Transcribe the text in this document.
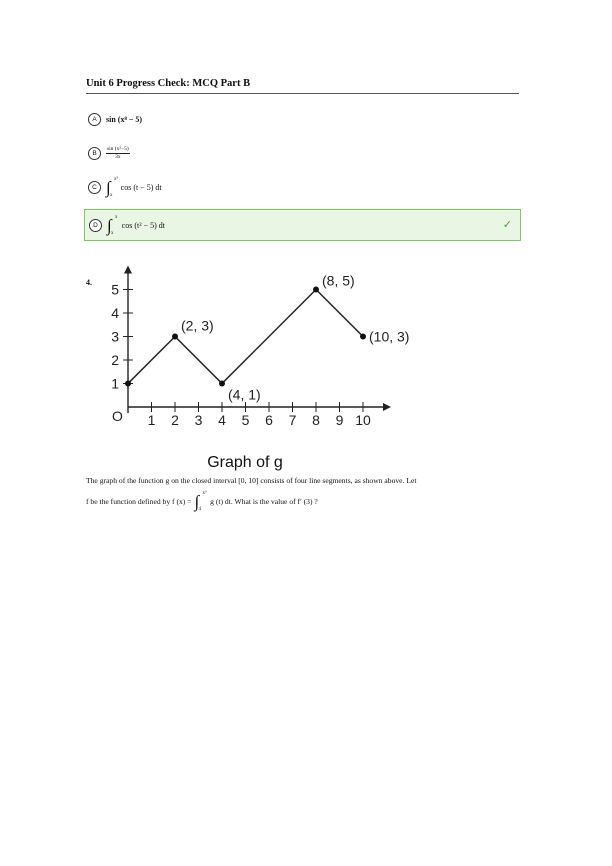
Unit 6 Progress Check: MCQ Part B
A	sin (x⁸ − 5)
B	$\frac{\text{sin (x²−5)}}{3x}$
C ∫ x³
x
cos (t − 5) dt
D ∫ x
x
cos (t² − 5) dt	✓
4.
1 2 3 4 5 6 7 8 9 10
1
2
3
4
5
O
(2, 3)
(4, 1)
(8, 5)
(10, 3)
Graph of g
The graph of the function g on the closed interval [0, 10] consists of four line segments, as shown above. Let
f be the function defined by f (x) = ∫ x³
4
g (t) dt. What is the value of f′ (3) ?
